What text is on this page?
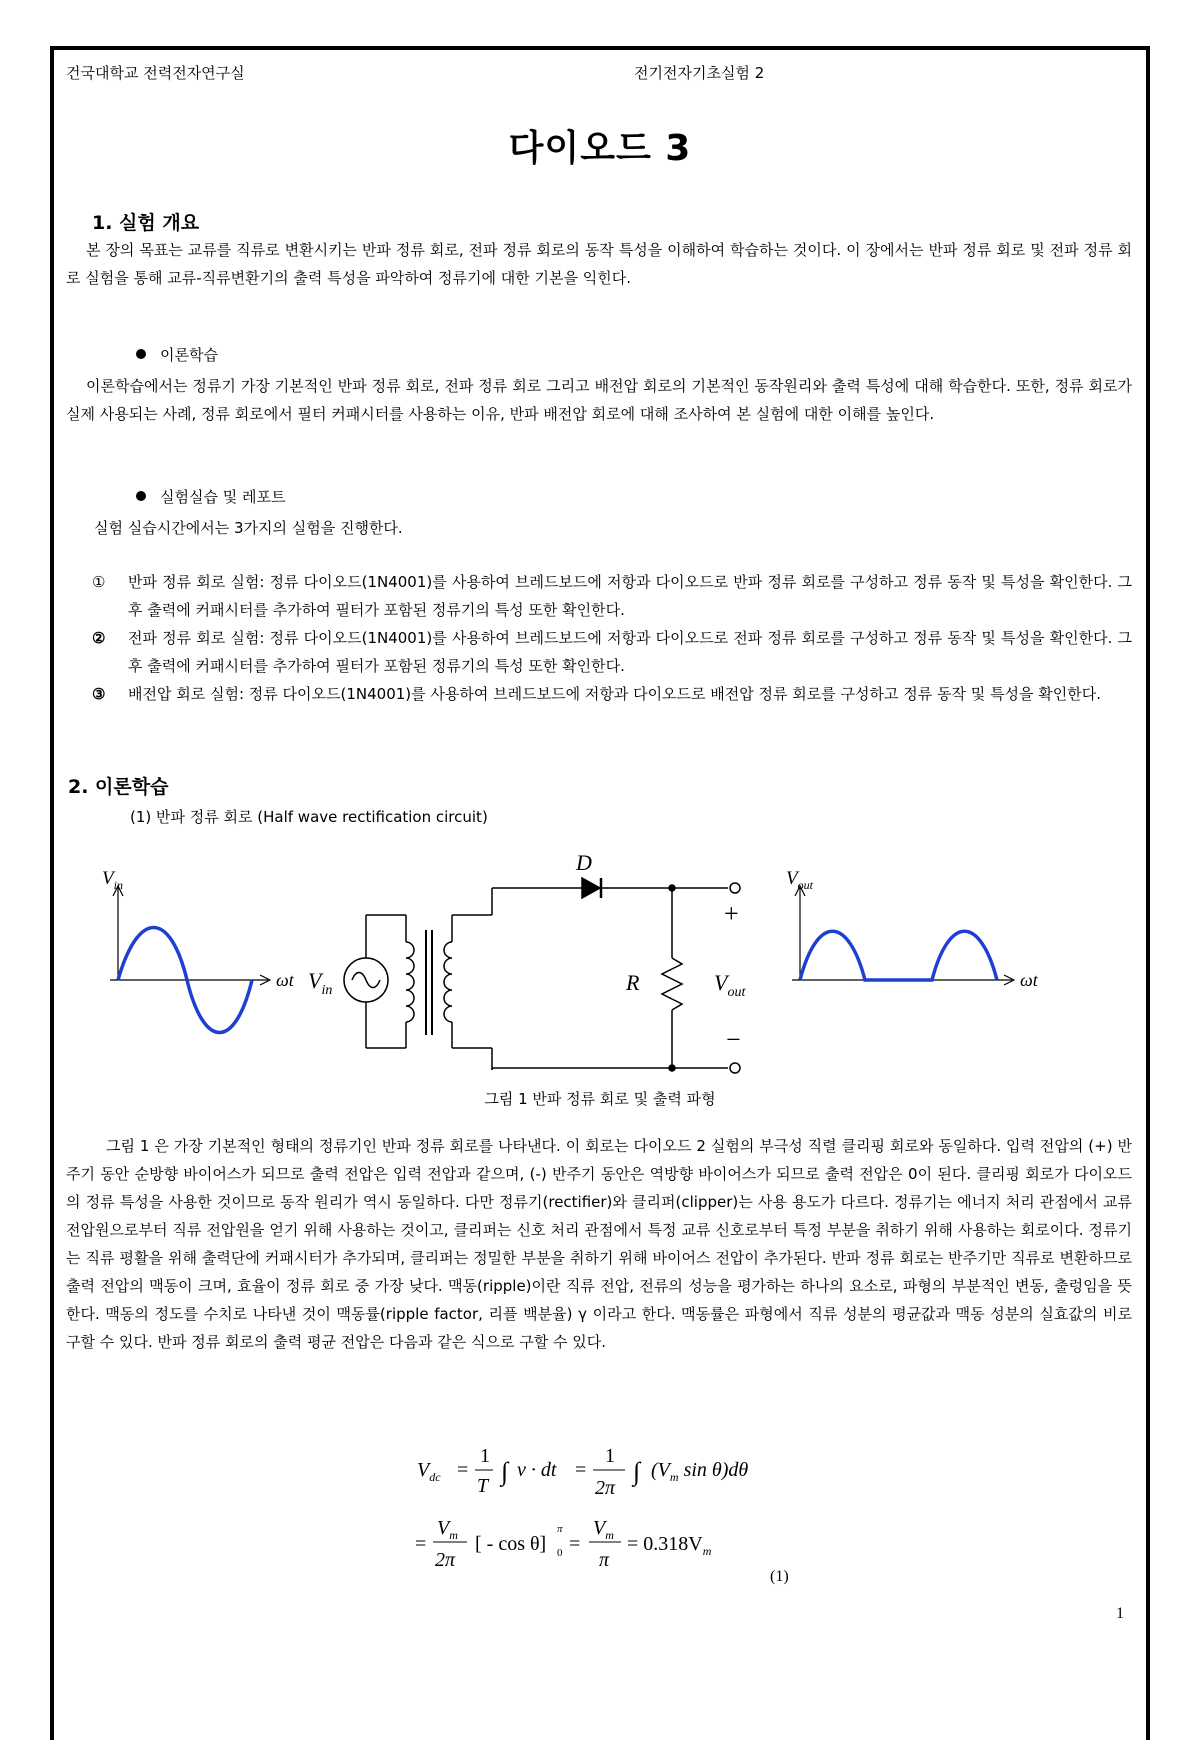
건국대학교 전력전자연구실	전기전자기초실험 2
다이오드 3
1. 실험 개요
본 장의 목표는 교류를 직류로 변환시키는 반파 정류 회로, 전파 정류 회로의 동작 특성을 이해하여 학습하는 것이다. 이 장에서는 반파 정류 회로 및 전파 정류 회로 실험을 통해 교류-직류변환기의 출력 특성을 파악하여 정류기에 대한 기본을 익힌다.
이론학습
이론학습에서는 정류기 가장 기본적인 반파 정류 회로, 전파 정류 회로 그리고 배전압 회로의 기본적인 동작원리와 출력 특성에 대해 학습한다. 또한, 정류 회로가 실제 사용되는 사례, 정류 회로에서 필터 커패시터를 사용하는 이유, 반파 배전압 회로에 대해 조사하여 본 실험에 대한 이해를 높인다.
실험실습 및 레포트
실험 실습시간에서는 3가지의 실험을 진행한다.
① 반파 정류 회로 실험: 정류 다이오드(1N4001)를 사용하여 브레드보드에 저항과 다이오드로 반파 정류 회로를 구성하고 정류 동작 및 특성을 확인한다. 그 후 출력에 커패시터를 추가하여 필터가 포함된 정류기의 특성 또한 확인한다.
② 전파 정류 회로 실험: 정류 다이오드(1N4001)를 사용하여 브레드보드에 저항과 다이오드로 전파 정류 회로를 구성하고 정류 동작 및 특성을 확인한다. 그 후 출력에 커패시터를 추가하여 필터가 포함된 정류기의 특성 또한 확인한다.
③ 배전압 회로 실험: 정류 다이오드(1N4001)를 사용하여 브레드보드에 저항과 다이오드로 배전압 정류 회로를 구성하고 정류 동작 및 특성을 확인한다.
2. 이론학습
(1) 반파 정류 회로 (Half wave rectification circuit)
$V_{in}$
ωt $V_{in}$
D
R
+
−
$V_{out}$
$V_{out}$
ωt
그림 1 반파 정류 회로 및 출력 파형
그림 1 은 가장 기본적인 형태의 정류기인 반파 정류 회로를 나타낸다. 이 회로는 다이오드 2 실험의 부극성 직렬 클리핑 회로와 동일하다. 입력 전압의 (+) 반주기 동안 순방향 바이어스가 되므로 출력 전압은 입력 전압과 같으며, (-) 반주기 동안은 역방향 바이어스가 되므로 출력 전압은 0이 된다. 클리핑 회로가 다이오드의 정류 특성을 사용한 것이므로 동작 원리가 역시 동일하다. 다만 정류기(rectifier)와 클리퍼(clipper)는 사용 용도가 다르다. 정류기는 에너지 처리 관점에서 교류 전압원으로부터 직류 전압원을 얻기 위해 사용하는 것이고, 클리퍼는 신호 처리 관점에서 특정 교류 신호로부터 특정 부분을 취하기 위해 사용하는 회로이다. 정류기는 직류 평활을 위해 출력단에 커패시터가 추가되며, 클리퍼는 정밀한 부분을 취하기 위해 바이어스 전압이 추가된다. 반파 정류 회로는 반주기만 직류로 변환하므로 출력 전압의 맥동이 크며, 효율이 정류 회로 중 가장 낮다. 맥동(ripple)이란 직류 전압, 전류의 성능을 평가하는 하나의 요소로, 파형의 부분적인 변동, 출렁임을 뜻한다. 맥동의 정도를 수치로 나타낸 것이 맥동률(ripple factor, 리플 백분율) γ 이라고 한다. 맥동률은 파형에서 직류 성분의 평균값과 맥동 성분의 실효값의 비로 구할 수 있다. 반파 정류 회로의 출력 평균 전압은 다음과 같은 식으로 구할 수 있다.
$V_{dc}$ =
1
T ∫ v · dt =
1
2π
∫ ($V_m$ sin θ)dθ
=
$V_m$
2π
[ - cos θ]
π
0 =
$V_m$
π
= $0.318V_m$
(1)
1
